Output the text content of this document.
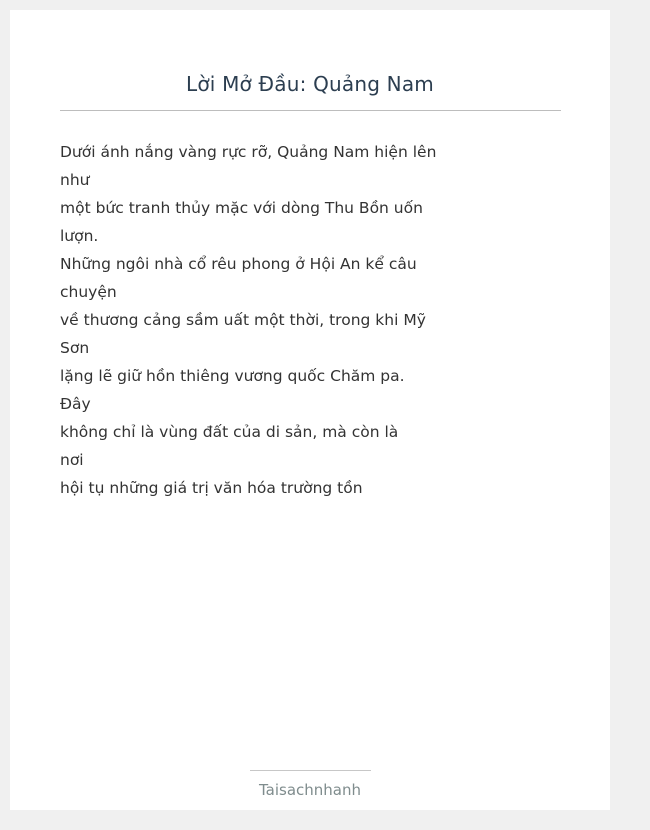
Lời Mở Đầu: Quảng Nam
Dưới ánh nắng vàng rực rỡ, Quảng Nam hiện lên
như
một bức tranh thủy mặc với dòng Thu Bồn uốn
lượn.
Những ngôi nhà cổ rêu phong ở Hội An kể câu
chuyện
về thương cảng sầm uất một thời, trong khi Mỹ
Sơn
lặng lẽ giữ hồn thiêng vương quốc Chăm pa.
Đây
không chỉ là vùng đất của di sản, mà còn là
nơi
hội tụ những giá trị văn hóa trường tồn
Taisachnhanh
